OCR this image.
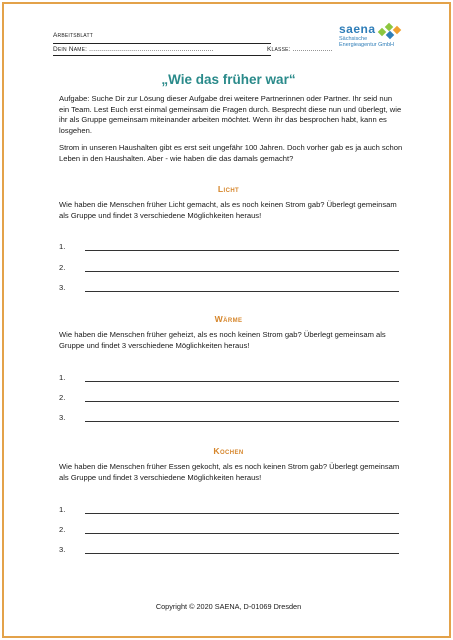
Arbeitsblatt
Dein Name: ..............................................................	Klasse: ....................
saena
Sächsische
Energieagentur GmbH
„Wie das früher war“

Aufgabe: Suche Dir zur Lösung dieser Aufgabe drei weitere Partnerinnen oder Partner. Ihr seid nun ein Team. Lest Euch erst einmal gemeinsam die Fragen durch. Besprecht diese nun und überlegt, wie ihr als Gruppe gemeinsam miteinander arbeiten möchtet. Wenn ihr das besprochen habt, kann es losgehen.

Strom in unseren Haushalten gibt es erst seit ungefähr 100 Jahren. Doch vorher gab es ja auch schon Leben in den Haushalten. Aber - wie haben die das damals gemacht?

Licht

Wie haben die Menschen früher Licht gemacht, als es noch keinen Strom gab? Überlegt gemeinsam als Gruppe und findet 3 verschiedene Möglichkeiten heraus!

1.
2.
3.
Wärme

Wie haben die Menschen früher geheizt, als es noch keinen Strom gab? Überlegt gemeinsam als Gruppe und findet 3 verschiedene Möglichkeiten heraus!

1.
2.
3.
Kochen

Wie haben die Menschen früher Essen gekocht, als es noch keinen Strom gab? Überlegt gemeinsam als Gruppe und findet 3 verschiedene Möglichkeiten heraus!

1.
2.
3.
Copyright © 2020 SAENA, D-01069 Dresden
